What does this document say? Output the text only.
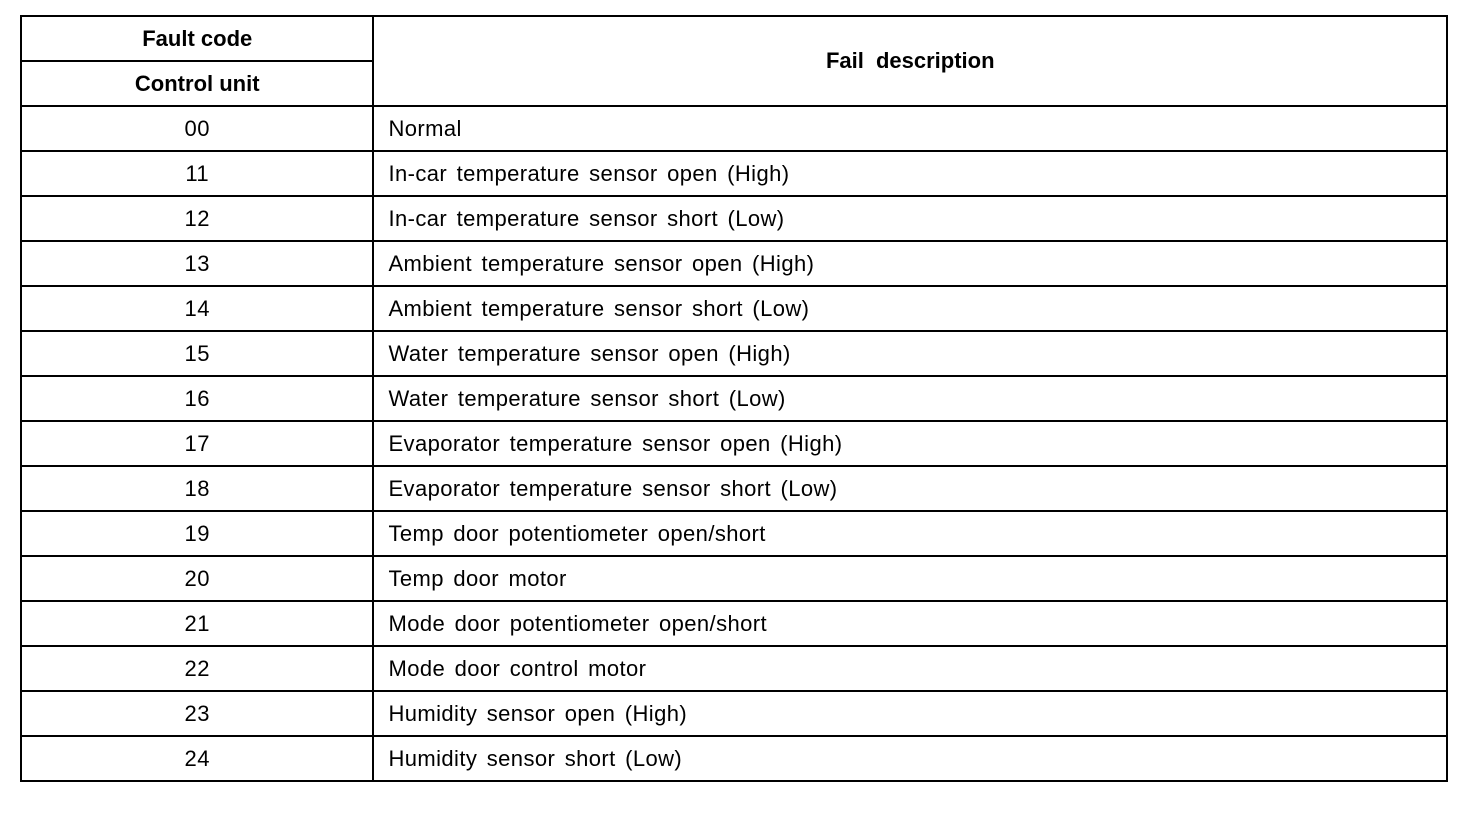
Fault code	Fail description
Control unit	
00	Normal
11	In-car temperature sensor open (High)
12	In-car temperature sensor short (Low)
13	Ambient temperature sensor open (High)
14	Ambient temperature sensor short (Low)
15	Water temperature sensor open (High)
16	Water temperature sensor short (Low)
17	Evaporator temperature sensor open (High)
18	Evaporator temperature sensor short (Low)
19	Temp door potentiometer open/short
20	Temp door motor
21	Mode door potentiometer open/short
22	Mode door control motor
23	Humidity sensor open (High)
24	Humidity sensor short (Low)
